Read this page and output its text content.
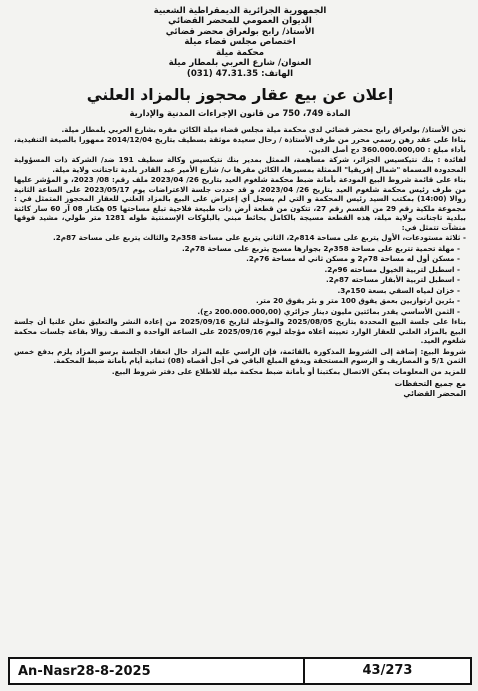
الجمهورية الجزائرية الديمقراطية الشعبية
الديوان العمومي للمحضر القضائي
الأستاذ/ رابح بولعراق محضر قضائي
اختصاص مجلس قضاء ميلة
محكمة ميلة
العنوان/ شارع العربي بلمطار ميلة
الهاتف: 47.31.35 (031)
إعلان عن بيع عقار محجوز بالمزاد العلني
المادة 749، 750 من قانون الإجراءات المدنية والإدارية
نحن الأستاذ/ بولعراق رابح محضر قضائي لدى محكمة ميلة مجلس قضاء ميلة الكائن مقره بشارع العربي بلمطار ميلة.
بناءا على عقد رهن رسمي محرر من طرف الأستاذة / رحال سعيدة موثقة بسطيف بتاريخ 2014/12/04 ممهورا بالصيغة التنفيذية، بأداء مبلغ : 360.000.000,00 دج أصل الدين.
لفائدة : بنك نتيكسيس الجزائر، شركة مساهمة، الممثل بمدير بنك نتيكسيس وكالة سطيف 191 ضد/ الشركة ذات المسؤولية المحدودة المسماة "شمال إفريقيا" الممثلة بمسيرها، الكائن مقرها ب/ شارع الأمير عبد القادر بلدية تاجنانت ولاية ميلة.
بناء على قائمة شروط البيع المودعة بأمانة ضبط محكمة شلغوم العيد بتاريخ 26/ 2023/04 ملف رقم: 08/ 2023، و المؤشر عليها من طرف رئيس محكمة شلغوم العيد بتاريخ 26/ 2023/04، و قد حددت جلسة الاعتراضات يوم 2023/05/17 على الساعة الثانية زوالا (14:00) بمكتب السيد رئيس المحكمة و التي لم يسجل أي إعتراض على البيع بالمزاد العلني للعقار المحجوز المتمثل في : مجموعة ملكية رقم 29 من القسم رقم 27، تتكون من قطعة أرض ذات طبيعة فلاحية تبلغ مساحتها 05 هكتار 08 آر 60 سار كائنة ببلدية تاجنانت ولاية ميلة، هذه القطعة مسيجة بالكامل بحائط مبني بالبلوكات الإسمنتية طوله 1281 متر طولي، مشيد فوقها منشآت تتمثل في:
- ثلاثة مستودعات، الأول يتربع على مساحة 814م2، الثاني يتربع على مساحة 358م2 والثالث يتربع على مساحة 87م2.
- مهلة تحمية تتربع على مساحة 358م2 بجوارها مسبح يتربع على مساحة 78م2.
- مسكن أول له مساحة 78م2 و مسكن ثاني له مساحة 76م2.
- اسطبل لتربية الخيول مساحته 96م2.
- اسطبل لتربية الأبقار مساحته 87م2.
- خزان لمياه السقي بسعة 150م3.
- بئرين ارتوازيين بعمق يفوق 100 متر و بئر يفوق 20 متر.
- الثمن الأساسي يقدر بمائتين مليون دينار جزائري (200.000.000,00 دج).
بناءا على جلسة البيع المحددة بتاريخ 2025/08/05 والمؤجلة لتاريخ 2025/09/16 من إعادة النشر والتعليق نعلن علنيا أن جلسة البيع بالمزاد العلني للعقار الوارد تعيينه أعلاه مؤجلة ليوم 2025/09/16 على الساعة الواحدة و النصف زوالا بقاعة جلسات محكمة شلغوم العيد.
شروط البيع: إضافة إلى الشروط المذكورة بالقائمة، فإن الراسي عليه المزاد حال انعقاد الجلسة برسو المزاد يلزم بدفع خمس الثمن 5/1 و المصاريف و الرسوم المستحقة ويدفع المبلغ الباقي في أجل أقصاه (08) ثمانية أيام بأمانة ضبط المحكمة.
للمزيد من المعلومات يمكن الاتصال بمكتبنا أو بأمانة ضبط محكمة ميلة للاطلاع على دفتر شروط البيع.
مع جميع التحفظات
المحضر القضائي
An-Nasr28-8-2025	43/273
